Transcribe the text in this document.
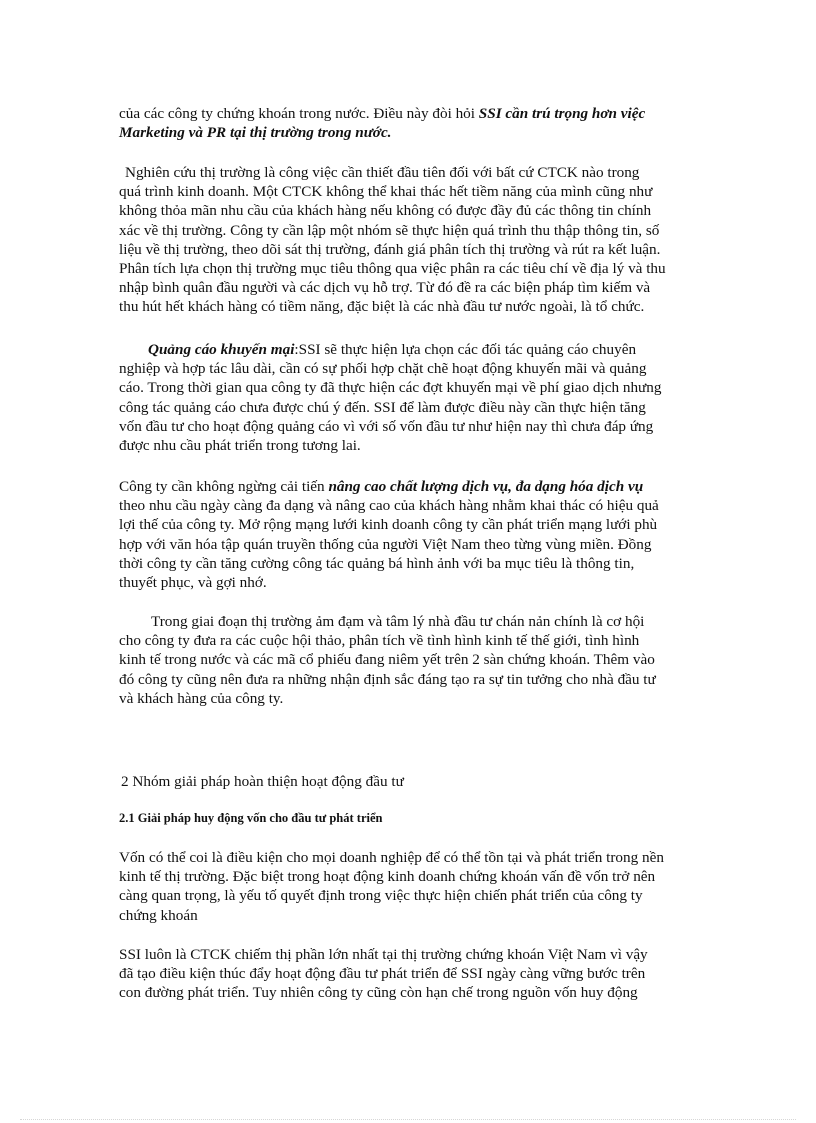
của các công ty chứng khoán trong nước. Điều này đòi hỏi SSI cần trú trọng hơn việc
Marketing và PR tại thị trường trong nước.
Nghiên cứu thị trường là công việc cần thiết đầu tiên đối với bất cứ CTCK nào trong
quá trình kinh doanh. Một CTCK không thể khai thác hết tiềm năng của mình cũng như
không thỏa mãn nhu cầu của khách hàng nếu không có được đầy đủ các thông tin chính
xác về thị trường. Công ty cần lập một nhóm sẽ thực hiện quá trình thu thập thông tin, số
liệu về thị trường, theo dõi sát thị trường, đánh giá phân tích thị trường và rút ra kết luận.
Phân tích lựa chọn thị trường mục tiêu thông qua việc phân ra các tiêu chí về địa lý và thu
nhập bình quân đầu người và các dịch vụ hỗ trợ. Từ đó đề ra các biện pháp tìm kiếm và
thu hút hết khách hàng có tiềm năng, đặc biệt là các nhà đầu tư nước ngoài, là tổ chức.
Quảng cáo khuyến mại:SSI sẽ thực hiện lựa chọn các đối tác quảng cáo chuyên
nghiệp và hợp tác lâu dài, cần có sự phối hợp chặt chẽ hoạt động khuyến mãi và quảng
cáo. Trong thời gian qua công ty đã thực hiện các đợt khuyến mại về phí giao dịch nhưng
công tác quảng cáo chưa được chú ý đến. SSI để làm được điều này cần thực hiện tăng
vốn đầu tư cho hoạt động quảng cáo vì với số vốn đầu tư như hiện nay thì chưa đáp ứng
được nhu cầu phát triển trong tương lai.
Công ty cần không ngừng cải tiến nâng cao chất lượng dịch vụ, đa dạng hóa dịch vụ
theo nhu cầu ngày càng đa dạng và nâng cao của khách hàng nhằm khai thác có hiệu quả
lợi thế của công ty. Mở rộng mạng lưới kinh doanh công ty cần phát triển mạng lưới phù
hợp với văn hóa tập quán truyền thống của người Việt Nam theo từng vùng miền. Đồng
thời công ty cần tăng cường công tác quảng bá hình ảnh với ba mục tiêu là thông tin,
thuyết phục, và gợi nhớ.
Trong giai đoạn thị trường ảm đạm và tâm lý nhà đầu tư chán nản chính là cơ hội
cho công ty đưa ra các cuộc hội thảo, phân tích về tình hình kinh tế thế giới, tình hình
kinh tế trong nước và các mã cổ phiếu đang niêm yết trên 2 sàn chứng khoán. Thêm vào
đó công ty cũng nên đưa ra những nhận định sắc đáng tạo ra sự tin tưởng cho nhà đầu tư
và khách hàng của công ty.
2 Nhóm giải pháp hoàn thiện hoạt động đầu tư
2.1 Giải pháp huy động vốn cho đầu tư phát triển
Vốn có thể coi là điều kiện cho mọi doanh nghiệp để có thể tồn tại và phát triển trong nền
kinh tế thị trường. Đặc biệt trong hoạt động kinh doanh chứng khoán vấn đề vốn trở nên
càng quan trọng, là yếu tố quyết định trong việc thực hiện chiến phát triển của công ty
chứng khoán
SSI luôn là CTCK chiếm thị phần lớn nhất tại thị trường chứng khoán Việt Nam vì vậy
đã tạo điều kiện thúc đẩy hoạt động đầu tư phát triển để SSI ngày càng vững bước trên
con đường phát triển. Tuy nhiên công ty cũng còn hạn chế trong nguồn vốn huy động
